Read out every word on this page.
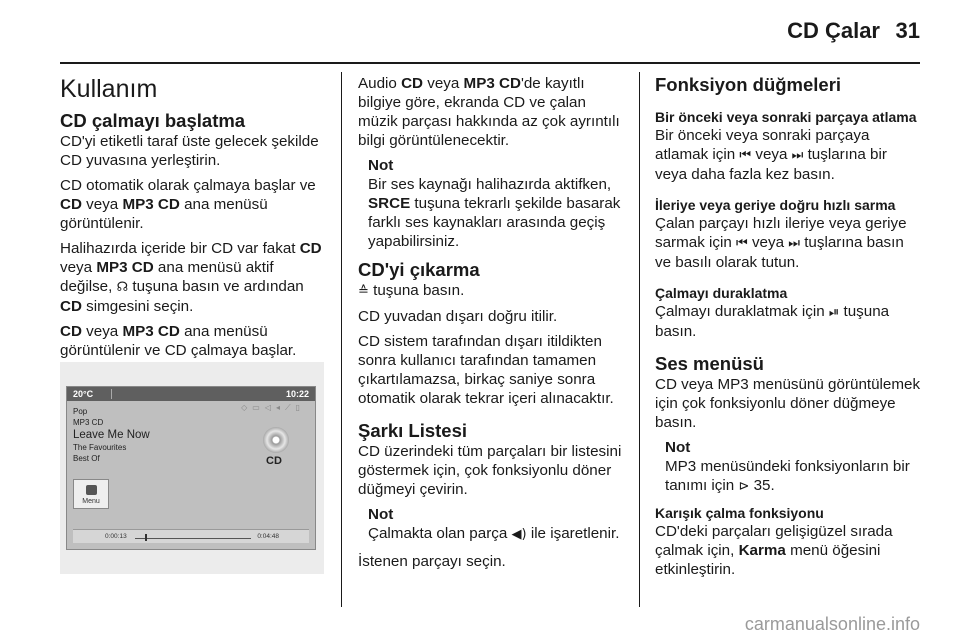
CD Çalar 31
Kullanım
CD çalmayı başlatma

CD'yi etiketli taraf üste gelecek şekilde CD yuvasına yerleştirin.

CD otomatik olarak çalmaya başlar ve CD veya MP3 CD ana menüsü görüntülenir.

Halihazırda içeride bir CD var fakat CD veya MP3 CD ana menüsü aktif değilse, ☊ tuşuna basın ve ardından CD simgesini seçin.

CD veya MP3 CD ana menüsü görüntülenir ve CD çalmaya başlar.

20°C	10:22
◇▭◁◂⟋▯
Pop
MP3 CD
Leave Me Now
The Favourites
Best Of	CD
Menu
0:00:13	0:04:48

Audio CD veya MP3 CD'de kayıtlı bilgiye göre, ekranda CD ve çalan müzik parçası hakkında az çok ayrıntılı bilgi görüntülenecektir.

Not
Bir ses kaynağı halihazırda aktifken, SRCE tuşuna tekrarlı şekilde basarak farklı ses kaynakları arasında geçiş yapabilirsiniz.
CD'yi çıkarma

≙ tuşuna basın.

CD yuvadan dışarı doğru itilir.

CD sistem tarafından dışarı itildikten sonra kullanıcı tarafından tamamen çıkartılamazsa, birkaç saniye sonra otomatik olarak tekrar içeri alınacaktır.

Şarkı Listesi

CD üzerindeki tüm parçaları bir listesini göstermek için, çok fonksiyonlu döner düğmeyi çevirin.

Not
Çalmakta olan parça ◀) ile işaretlenir.

İstenen parçayı seçin.

Fonksiyon düğmeleri
Bir önceki veya sonraki parçaya atlama

Bir önceki veya sonraki parçaya atlamak için ⏮ veya ⏭ tuşlarına bir veya daha fazla kez basın.

İleriye veya geriye doğru hızlı sarma

Çalan parçayı hızlı ileriye veya geriye sarmak için ⏮ veya ⏭ tuşlarına basın ve basılı olarak tutun.

Çalmayı duraklatma

Çalmayı duraklatmak için ⏯ tuşuna basın.

Ses menüsü

CD veya MP3 menüsünü görüntülemek için çok fonksiyonlu döner düğmeye basın.

Not
MP3 menüsündeki fonksiyonların bir tanımı için ⊳ 35.
Karışık çalma fonksiyonu

CD'deki parçaları gelişigüzel sırada çalmak için, Karma menü öğesini etkinleştirin.

carmanualsonline.info
